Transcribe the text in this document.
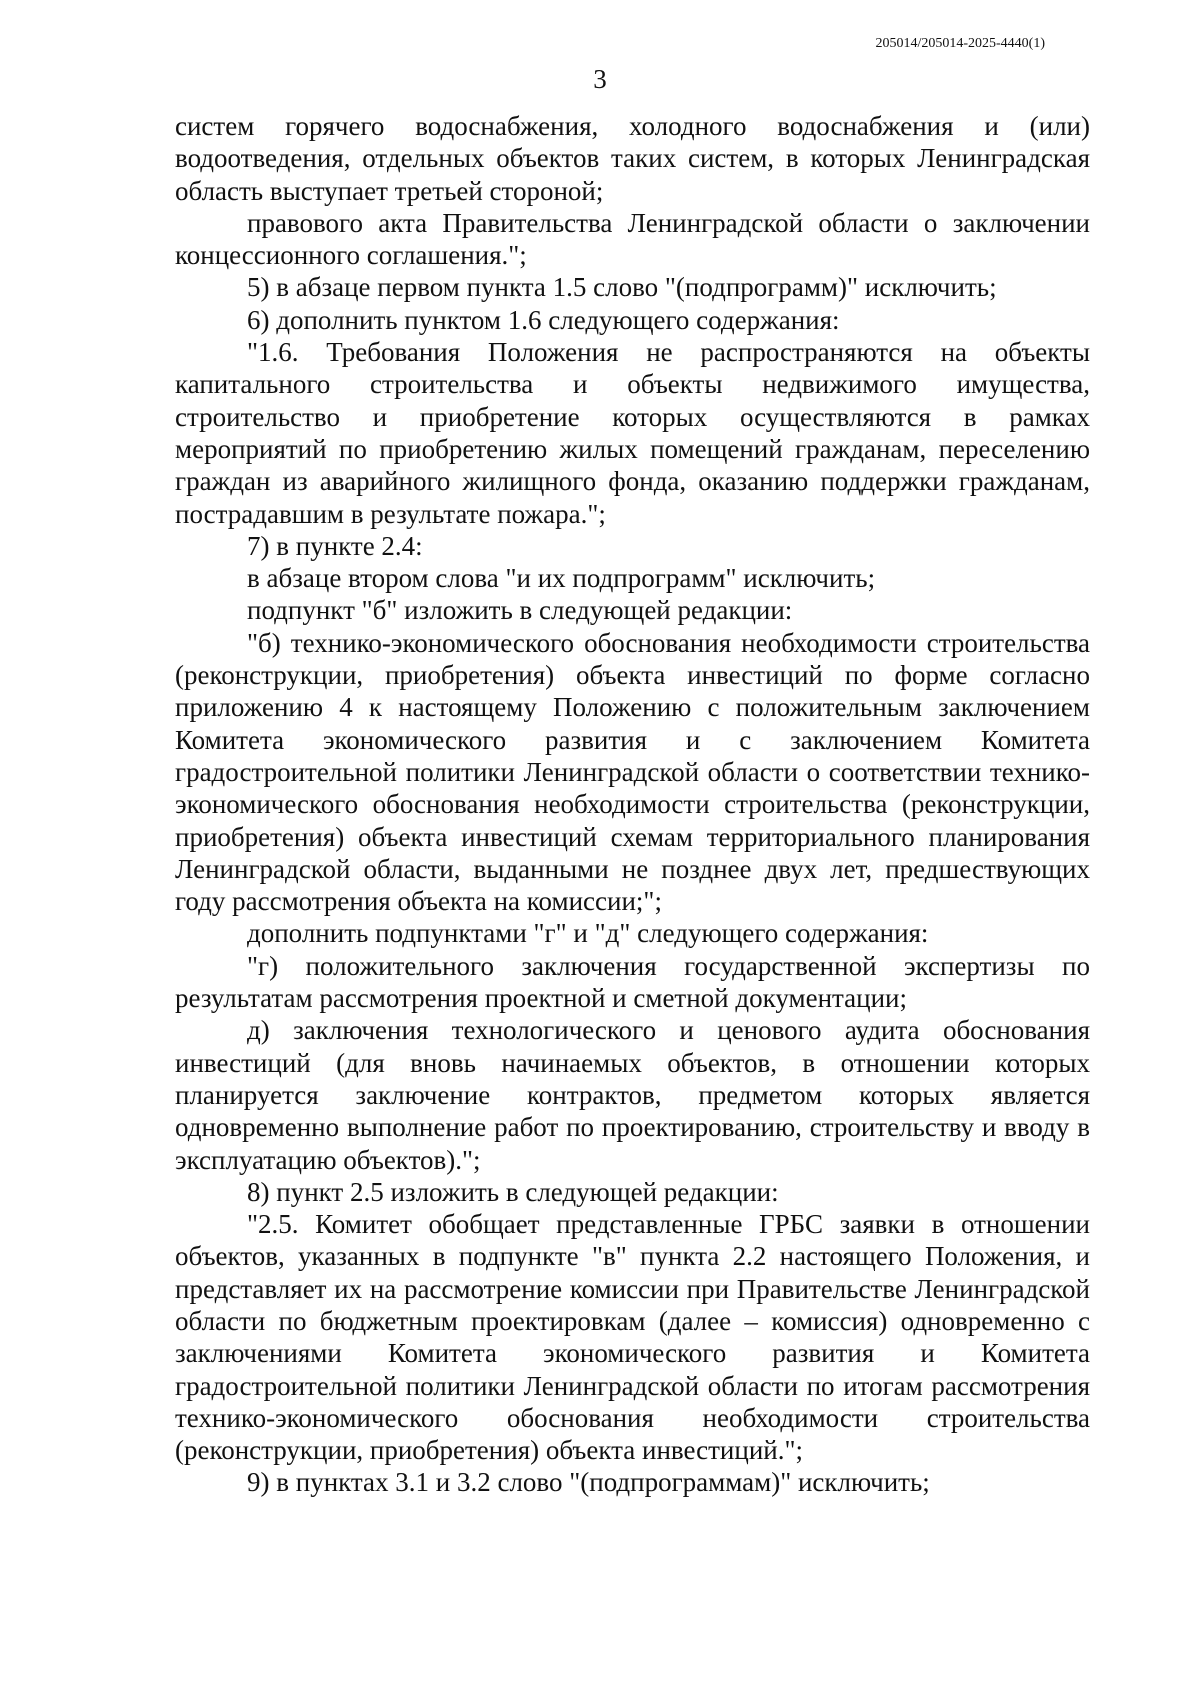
205014/205014-2025-4440(1)
3

систем горячего водоснабжения, холодного водоснабжения и (или) водоотведения, отдельных объектов таких систем, в которых Ленинградская область выступает третьей стороной;

правового акта Правительства Ленинградской области о заключении концессионного соглашения.";

5) в абзаце первом пункта 1.5 слово "(подпрограмм)" исключить;

6) дополнить пунктом 1.6 следующего содержания:

"1.6. Требования Положения не распространяются на объекты капитального строительства и объекты недвижимого имущества, строительство и приобретение которых осуществляются в рамках мероприятий по приобретению жилых помещений гражданам, переселению граждан из аварийного жилищного фонда, оказанию поддержки гражданам, пострадавшим в результате пожара.";

7) в пункте 2.4:

в абзаце втором слова "и их подпрограмм" исключить;

подпункт "б" изложить в следующей редакции:

"б) технико-экономического обоснования необходимости строительства (реконструкции, приобретения) объекта инвестиций по форме согласно приложению 4 к настоящему Положению с положительным заключением Комитета экономического развития и с заключением Комитета градостроительной политики Ленинградской области о соответствии технико-экономического обоснования необходимости строительства (реконструкции, приобретения) объекта инвестиций схемам территориального планирования Ленинградской области, выданными не позднее двух лет, предшествующих году рассмотрения объекта на комиссии;";

дополнить подпунктами "г" и "д" следующего содержания:

"г) положительного заключения государственной экспертизы по результатам рассмотрения проектной и сметной документации;

д) заключения технологического и ценового аудита обоснования инвестиций (для вновь начинаемых объектов, в отношении которых планируется заключение контрактов, предметом которых является одновременно выполнение работ по проектированию, строительству и вводу в эксплуатацию объектов).";

8) пункт 2.5 изложить в следующей редакции:

"2.5. Комитет обобщает представленные ГРБС заявки в отношении объектов, указанных в подпункте "в" пункта 2.2 настоящего Положения, и представляет их на рассмотрение комиссии при Правительстве Ленинградской области по бюджетным проектировкам (далее – комиссия) одновременно с заключениями Комитета экономического развития и Комитета градостроительной политики Ленинградской области по итогам рассмотрения технико-экономического обоснования необходимости строительства (реконструкции, приобретения) объекта инвестиций.";

9) в пунктах 3.1 и 3.2 слово "(подпрограммам)" исключить;
